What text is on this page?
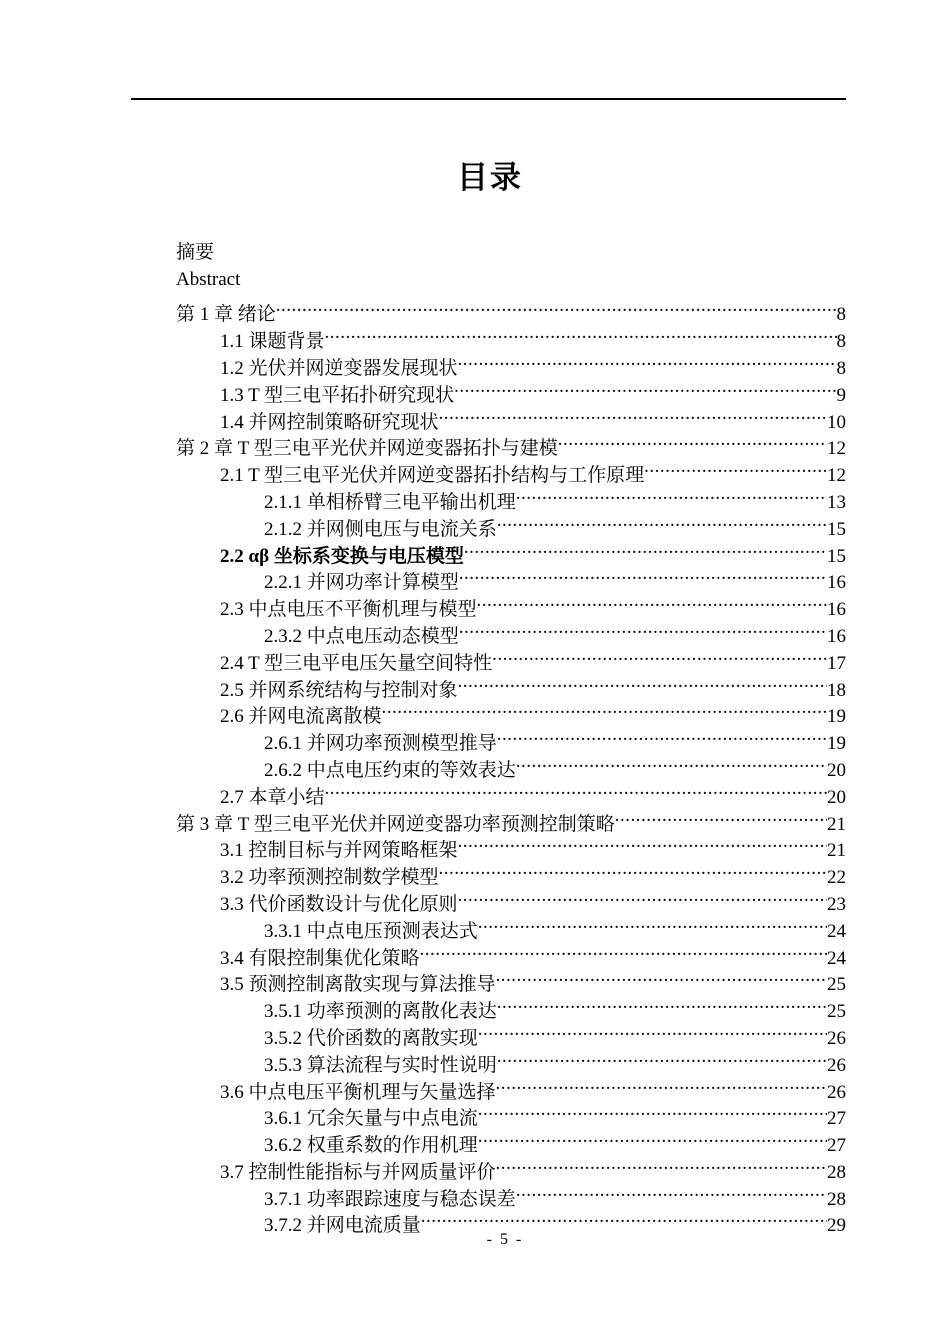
目录
摘要
Abstract
第 1 章 绪论 .....	8
1.1 课题背景 .....	8
1.2 光伏并网逆变器发展现状 .....	8
1.3 T 型三电平拓扑研究现状 .....	9
1.4 并网控制策略研究现状 .....	10
第 2 章 T 型三电平光伏并网逆变器拓扑与建模 .....	12
2.1 T 型三电平光伏并网逆变器拓扑结构与工作原理 .....	12
2.1.1 单相桥臂三电平输出机理 .....	13
2.1.2 并网侧电压与电流关系 .....	15
2.2 αβ 坐标系变换与电压模型 .....	15
2.2.1 并网功率计算模型 .....	16
2.3 中点电压不平衡机理与模型 .....	16
2.3.2 中点电压动态模型 .....	16
2.4 T 型三电平电压矢量空间特性 .....	17
2.5 并网系统结构与控制对象 .....	18
2.6 并网电流离散模 .....	19
2.6.1 并网功率预测模型推导 .....	19
2.6.2 中点电压约束的等效表达 .....	20
2.7 本章小结 .....	20
第 3 章 T 型三电平光伏并网逆变器功率预测控制策略 .....	21
3.1 控制目标与并网策略框架 .....	21
3.2 功率预测控制数学模型 .....	22
3.3 代价函数设计与优化原则 .....	23
3.3.1 中点电压预测表达式 .....	24
3.4 有限控制集优化策略 .....	24
3.5 预测控制离散实现与算法推导 .....	25
3.5.1 功率预测的离散化表达 .....	25
3.5.2 代价函数的离散实现 .....	26
3.5.3 算法流程与实时性说明 .....	26
3.6 中点电压平衡机理与矢量选择 .....	26
3.6.1 冗余矢量与中点电流 .....	27
3.6.2 权重系数的作用机理 .....	27
3.7 控制性能指标与并网质量评价 .....	28
3.7.1 功率跟踪速度与稳态误差 .....	28
3.7.2 并网电流质量 .....	29
- 5 -
